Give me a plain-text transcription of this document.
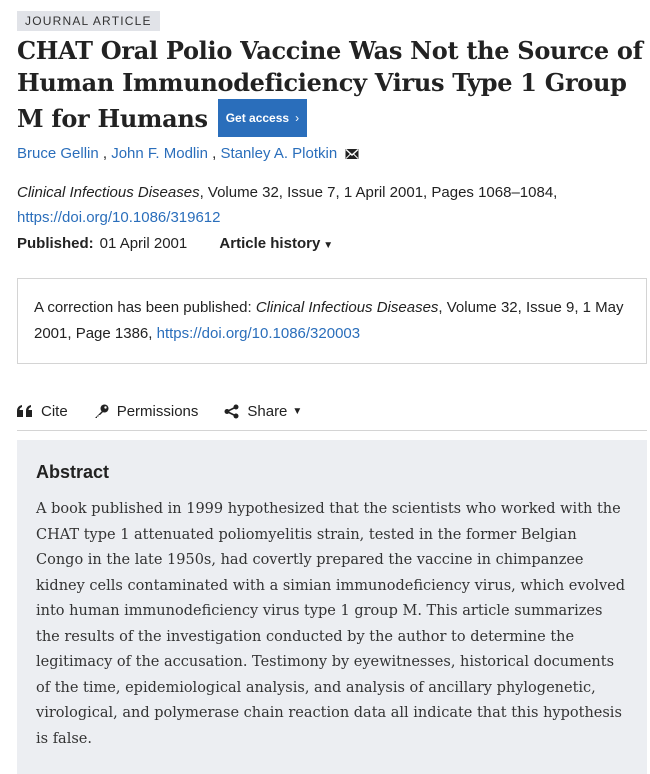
JOURNAL ARTICLE
CHAT Oral Polio Vaccine Was Not the Source of Human Immunodeficiency Virus Type 1 Group M for Humans Get access ›
Bruce Gellin , John F. Modlin , Stanley A. Plotkin
Clinical Infectious Diseases, Volume 32, Issue 7, 1 April 2001, Pages 1068–1084,
https://doi.org/10.1086/319612
Published: 01 April 2001 Article history ▼
A correction has been published: Clinical Infectious Diseases, Volume 32, Issue 9, 1 May 2001, Page 1386, https://doi.org/10.1086/320003
Cite	Permissions	Share ▼
Abstract

A book published in 1999 hypothesized that the scientists who worked with the CHAT type 1 attenuated poliomyelitis strain, tested in the former Belgian Congo in the late 1950s, had covertly prepared the vaccine in chimpanzee kidney cells contaminated with a simian immunodeficiency virus, which evolved into human immunodeficiency virus type 1 group M. This article summarizes the results of the investigation conducted by the author to determine the legitimacy of the accusation. Testimony by eyewitnesses, historical documents of the time, epidemiological analysis, and analysis of ancillary phylogenetic, virological, and polymerase chain reaction data all indicate that this hypothesis is false.
